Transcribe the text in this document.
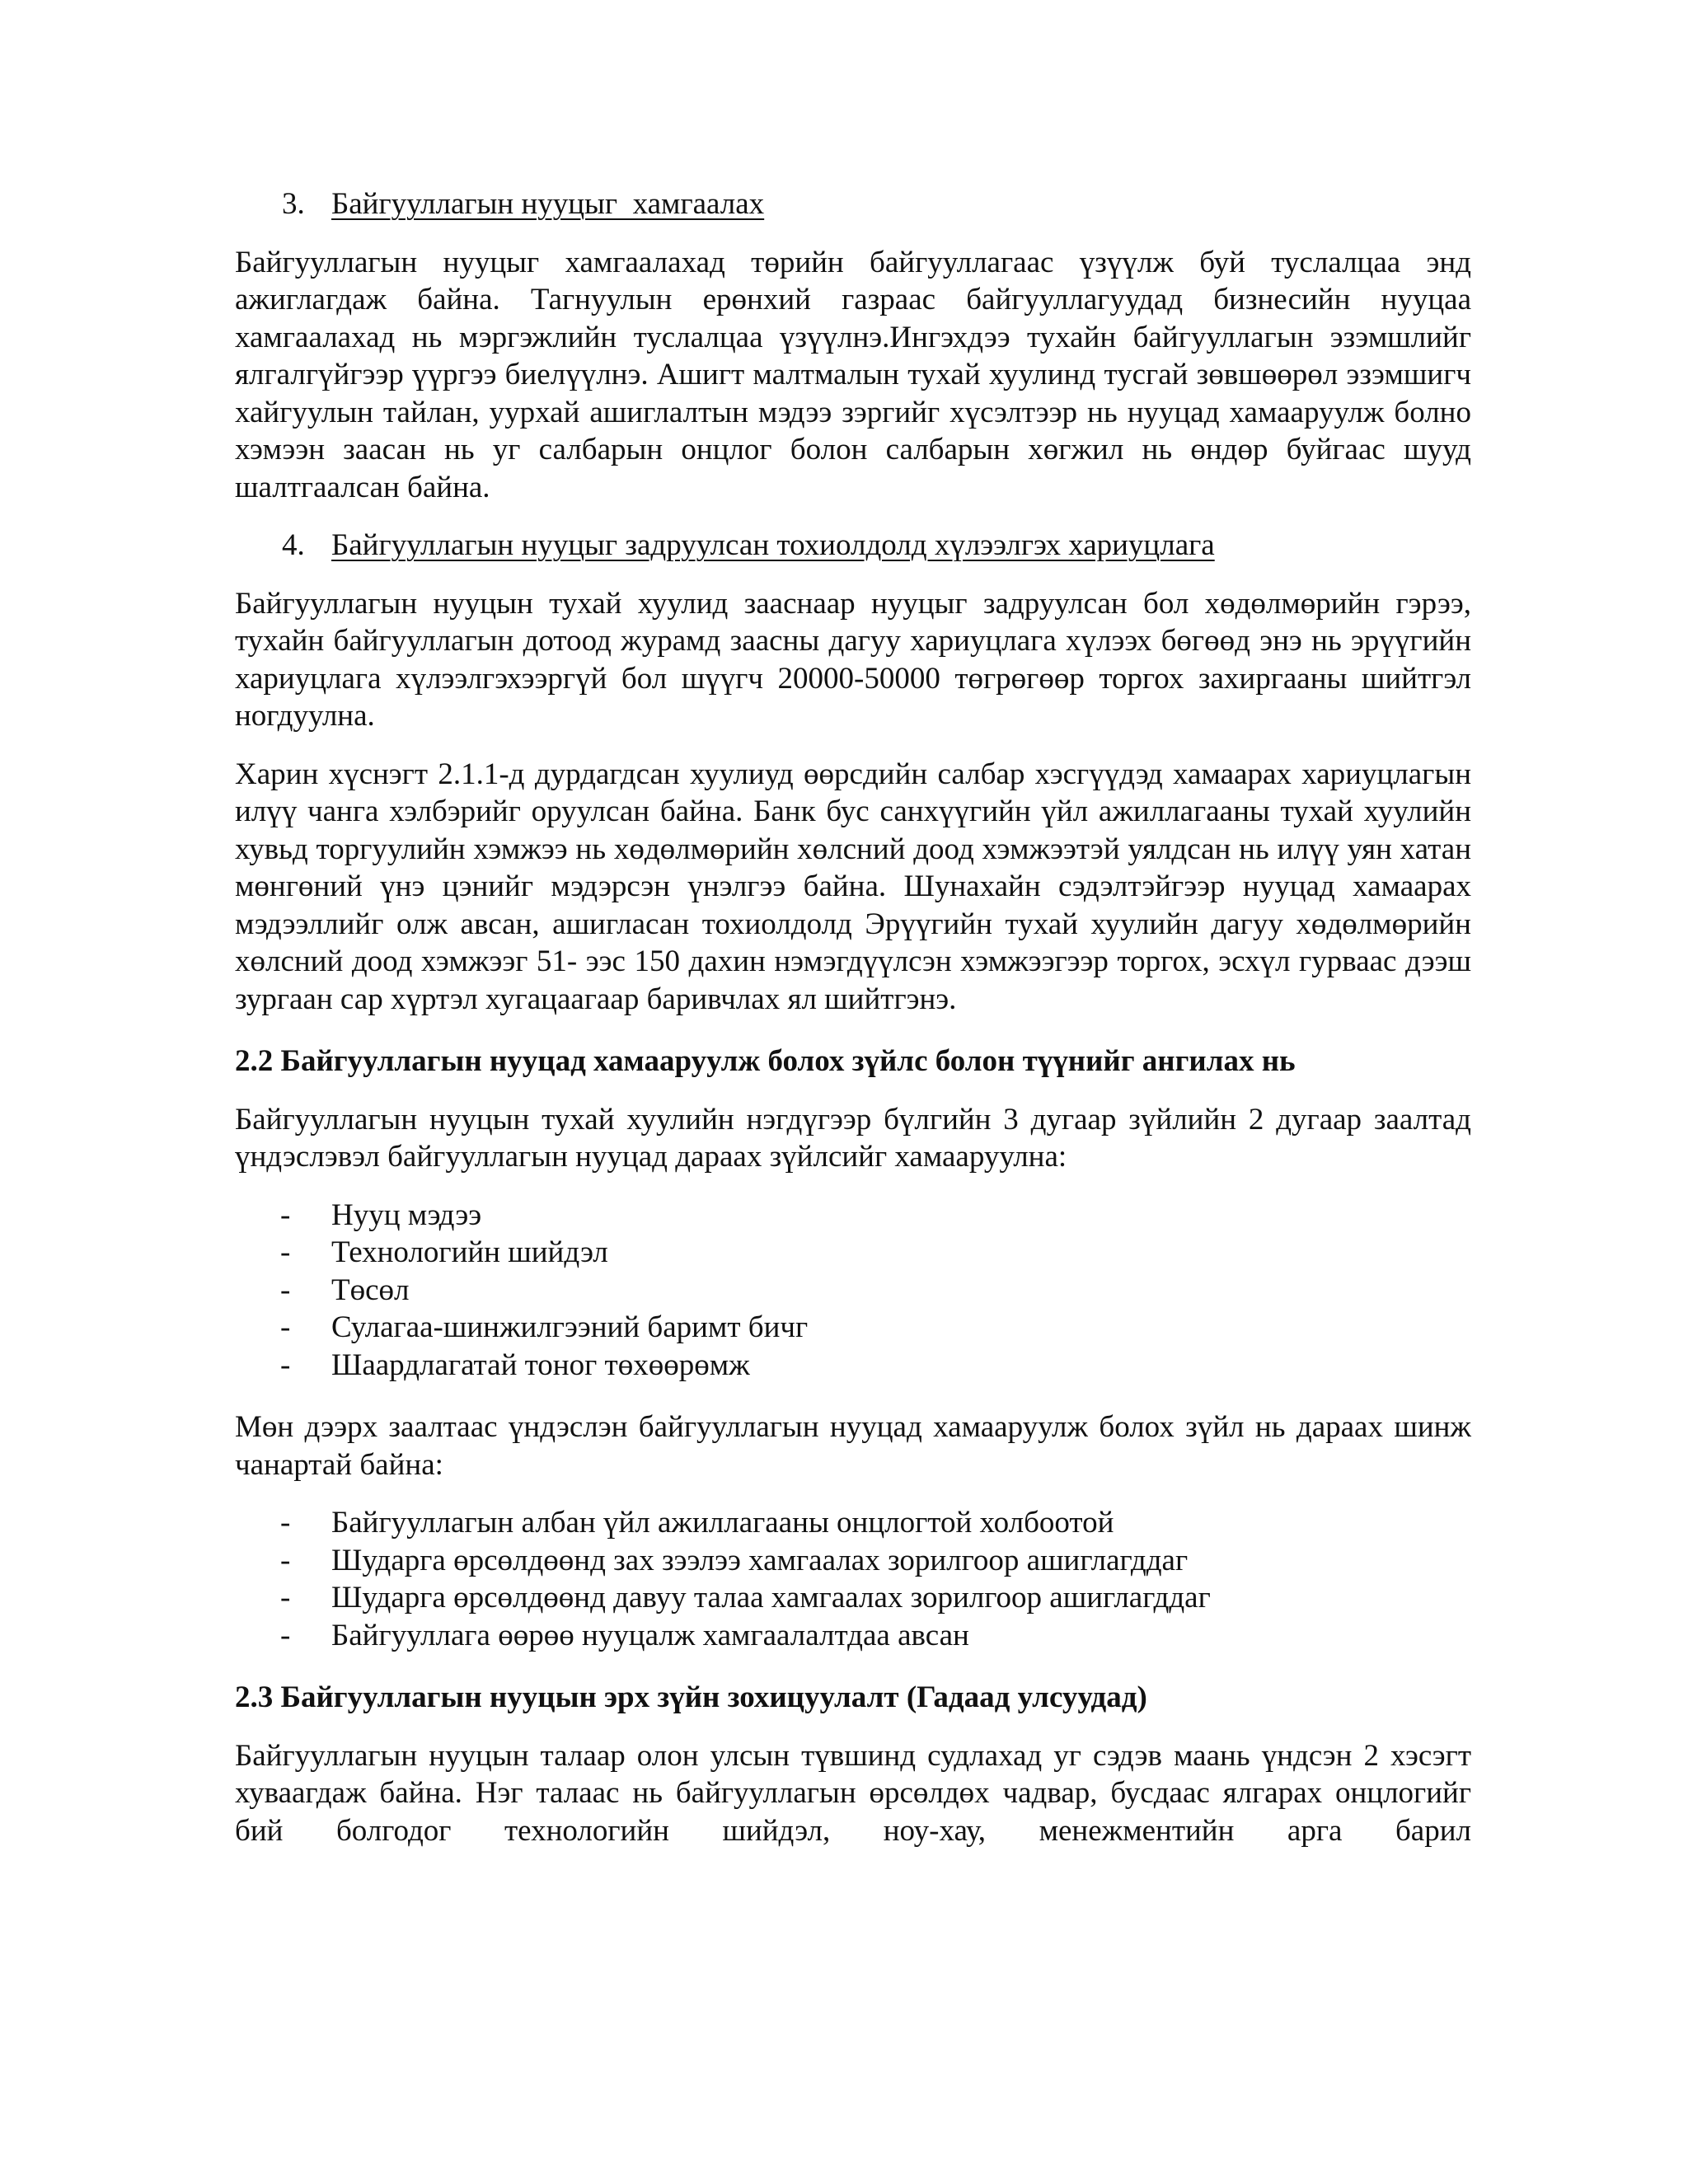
3. Байгууллагын нууцыг  хамгаалах

Байгууллагын нууцыг хамгаалахад төрийн байгууллагаас үзүүлж буй туслалцаа энд ажиглагдаж байна. Тагнуулын ерөнхий газраас байгууллагуудад бизнесийн нууцаа хамгаалахад нь мэргэжлийн туслалцаа үзүүлнэ.Ингэхдээ тухайн байгууллагын эзэмшлийг ялгалгүйгээр үүргээ биелүүлнэ. Ашигт малтмалын тухай хуулинд тусгай зөвшөөрөл эзэмшигч хайгуулын тайлан, уурхай ашиглалтын мэдээ зэргийг хүсэлтээр нь нууцад хамааруулж болно хэмээн заасан нь уг салбарын онцлог болон салбарын хөгжил нь өндөр буйгаас шууд шалтгаалсан байна.

4. Байгууллагын нууцыг задруулсан тохиолдолд хүлээлгэх хариуцлага

Байгууллагын нууцын тухай хуулид зааснаар нууцыг задруулсан бол хөдөлмөрийн гэрээ, тухайн байгууллагын дотоод журамд заасны дагуу хариуцлага хүлээх бөгөөд энэ нь эрүүгийн хариуцлага хүлээлгэхээргүй бол шүүгч 20000-50000 төгрөгөөр торгох захиргааны шийтгэл ногдуулна.

Харин хүснэгт 2.1.1-д дурдагдсан хуулиуд өөрсдийн салбар хэсгүүдэд хамаарах хариуцлагын илүү чанга хэлбэрийг оруулсан байна. Банк бус санхүүгийн үйл ажиллагааны тухай хуулийн хувьд торгуулийн хэмжээ нь хөдөлмөрийн хөлсний доод хэмжээтэй уялдсан нь илүү уян хатан мөнгөний үнэ цэнийг мэдэрсэн үнэлгээ байна. Шунахайн сэдэлтэйгээр нууцад хамаарах мэдээллийг олж авсан, ашигласан тохиолдолд Эрүүгийн тухай хуулийн дагуу хөдөлмөрийн хөлсний доод хэмжээг 51- ээс 150 дахин нэмэгдүүлсэн хэмжээгээр торгох, эсхүл гурваас дээш зургаан сар хүртэл хугацаагаар баривчлах ял шийтгэнэ.

2.2 Байгууллагын нууцад хамааруулж болох зүйлс болон түүнийг ангилах нь

Байгууллагын нууцын тухай хуулийн нэгдүгээр бүлгийн 3 дугаар зүйлийн 2 дугаар заалтад үндэслэвэл байгууллагын нууцад дараах зүйлсийг хамааруулна:

-	Нууц мэдээ
-	Технологийн шийдэл
-	Төсөл
-	Сулагаа-шинжилгээний баримт бичг
-	Шаардлагатай тоног төхөөрөмж

Мөн дээрх заалтаас үндэслэн байгууллагын нууцад хамааруулж болох зүйл нь дараах шинж чанартай байна:

-	Байгууллагын албан үйл ажиллагааны онцлогтой холбоотой
-	Шударга өрсөлдөөнд зах зээлээ хамгаалах зорилгоор ашиглагддаг
-	Шударга өрсөлдөөнд давуу талаа хамгаалах зорилгоор ашиглагддаг
-	Байгууллага өөрөө нууцалж хамгаалалтдаа авсан

2.3 Байгууллагын нууцын эрх зүйн зохицуулалт (Гадаад улсуудад)

Байгууллагын нууцын талаар олон улсын түвшинд судлахад уг сэдэв маань үндсэн 2 хэсэгт хуваагдаж байна. Нэг талаас нь байгууллагын өрсөлдөх чадвар, бусдаас ялгарах онцлогийг бий болгодог технологийн шийдэл, ноу-хау, менежментийн арга барил
